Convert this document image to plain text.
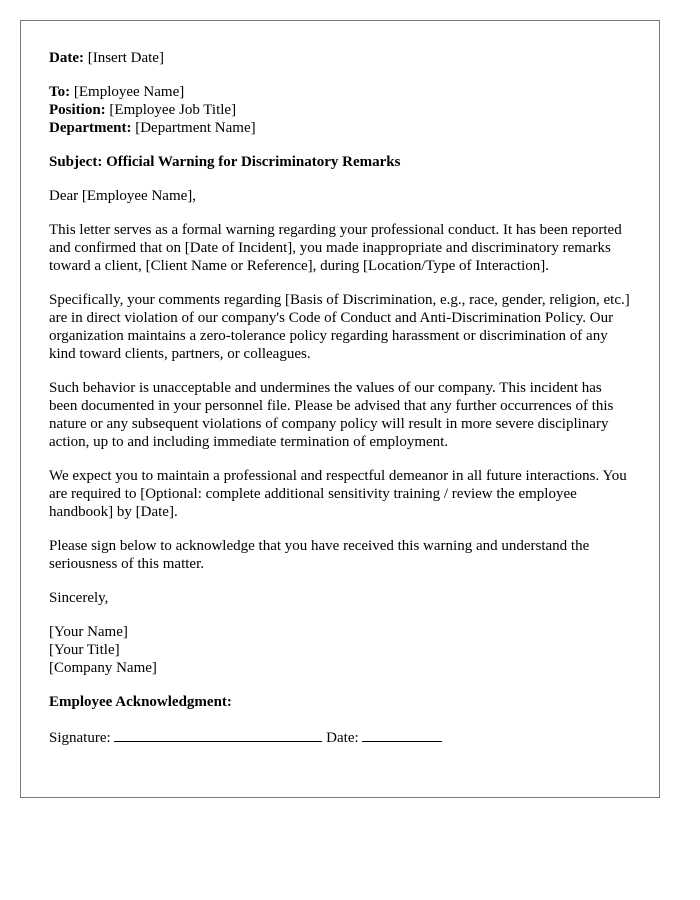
Date: [Insert Date]

To: [Employee Name]

Position: [Employee Job Title]

Department: [Department Name]

Subject: Official Warning for Discriminatory Remarks

Dear [Employee Name],

This letter serves as a formal warning regarding your professional conduct. It has been reported and confirmed that on [Date of Incident], you made inappropriate and discriminatory remarks toward a client, [Client Name or Reference], during [Location/Type of Interaction].

Specifically, your comments regarding [Basis of Discrimination, e.g., race, gender, religion, etc.] are in direct violation of our company's Code of Conduct and Anti-Discrimination Policy. Our organization maintains a zero-tolerance policy regarding harassment or discrimination of any kind toward clients, partners, or colleagues.

Such behavior is unacceptable and undermines the values of our company. This incident has been documented in your personnel file. Please be advised that any further occurrences of this nature or any subsequent violations of company policy will result in more severe disciplinary action, up to and including immediate termination of employment.

We expect you to maintain a professional and respectful demeanor in all future interactions. You are required to [Optional: complete additional sensitivity training / review the employee handbook] by [Date].

Please sign below to acknowledge that you have received this warning and understand the seriousness of this matter.

Sincerely,

[Your Name]

[Your Title]

[Company Name]

Employee Acknowledgment:

Signature:	Date:
